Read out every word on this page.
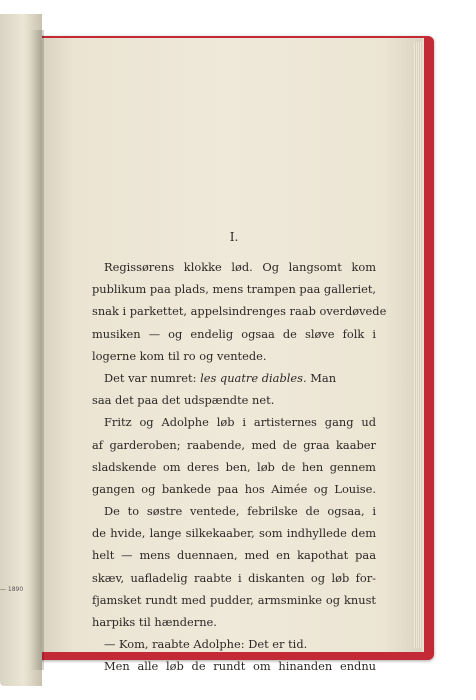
— 1890
I.
Regissørens klokke lød. Og langsomt kom
publikum paa plads, mens trampen paa galleriet,
snak i parkettet, appelsindrenges raab overdøvede
musiken — og endelig ogsaa de sløve folk i
logerne kom til ro og ventede.
Det var numret: les quatre diables. Man
saa det paa det udspændte net.
Fritz og Adolphe løb i artisternes gang ud
af garderoben; raabende, med de graa kaaber
sladskende om deres ben, løb de hen gennem
gangen og bankede paa hos Aimée og Louise.
De to søstre ventede, febrilske de ogsaa, i
de hvide, lange silkekaaber, som indhyllede dem
helt — mens duennaen, med en kapothat paa
skæv, uafladelig raabte i diskanten og løb for-
fjamsket rundt med pudder, armsminke og knust
harpiks til hænderne.
— Kom, raabte Adolphe: Det er tid.
Men alle løb de rundt om hinanden endnu
